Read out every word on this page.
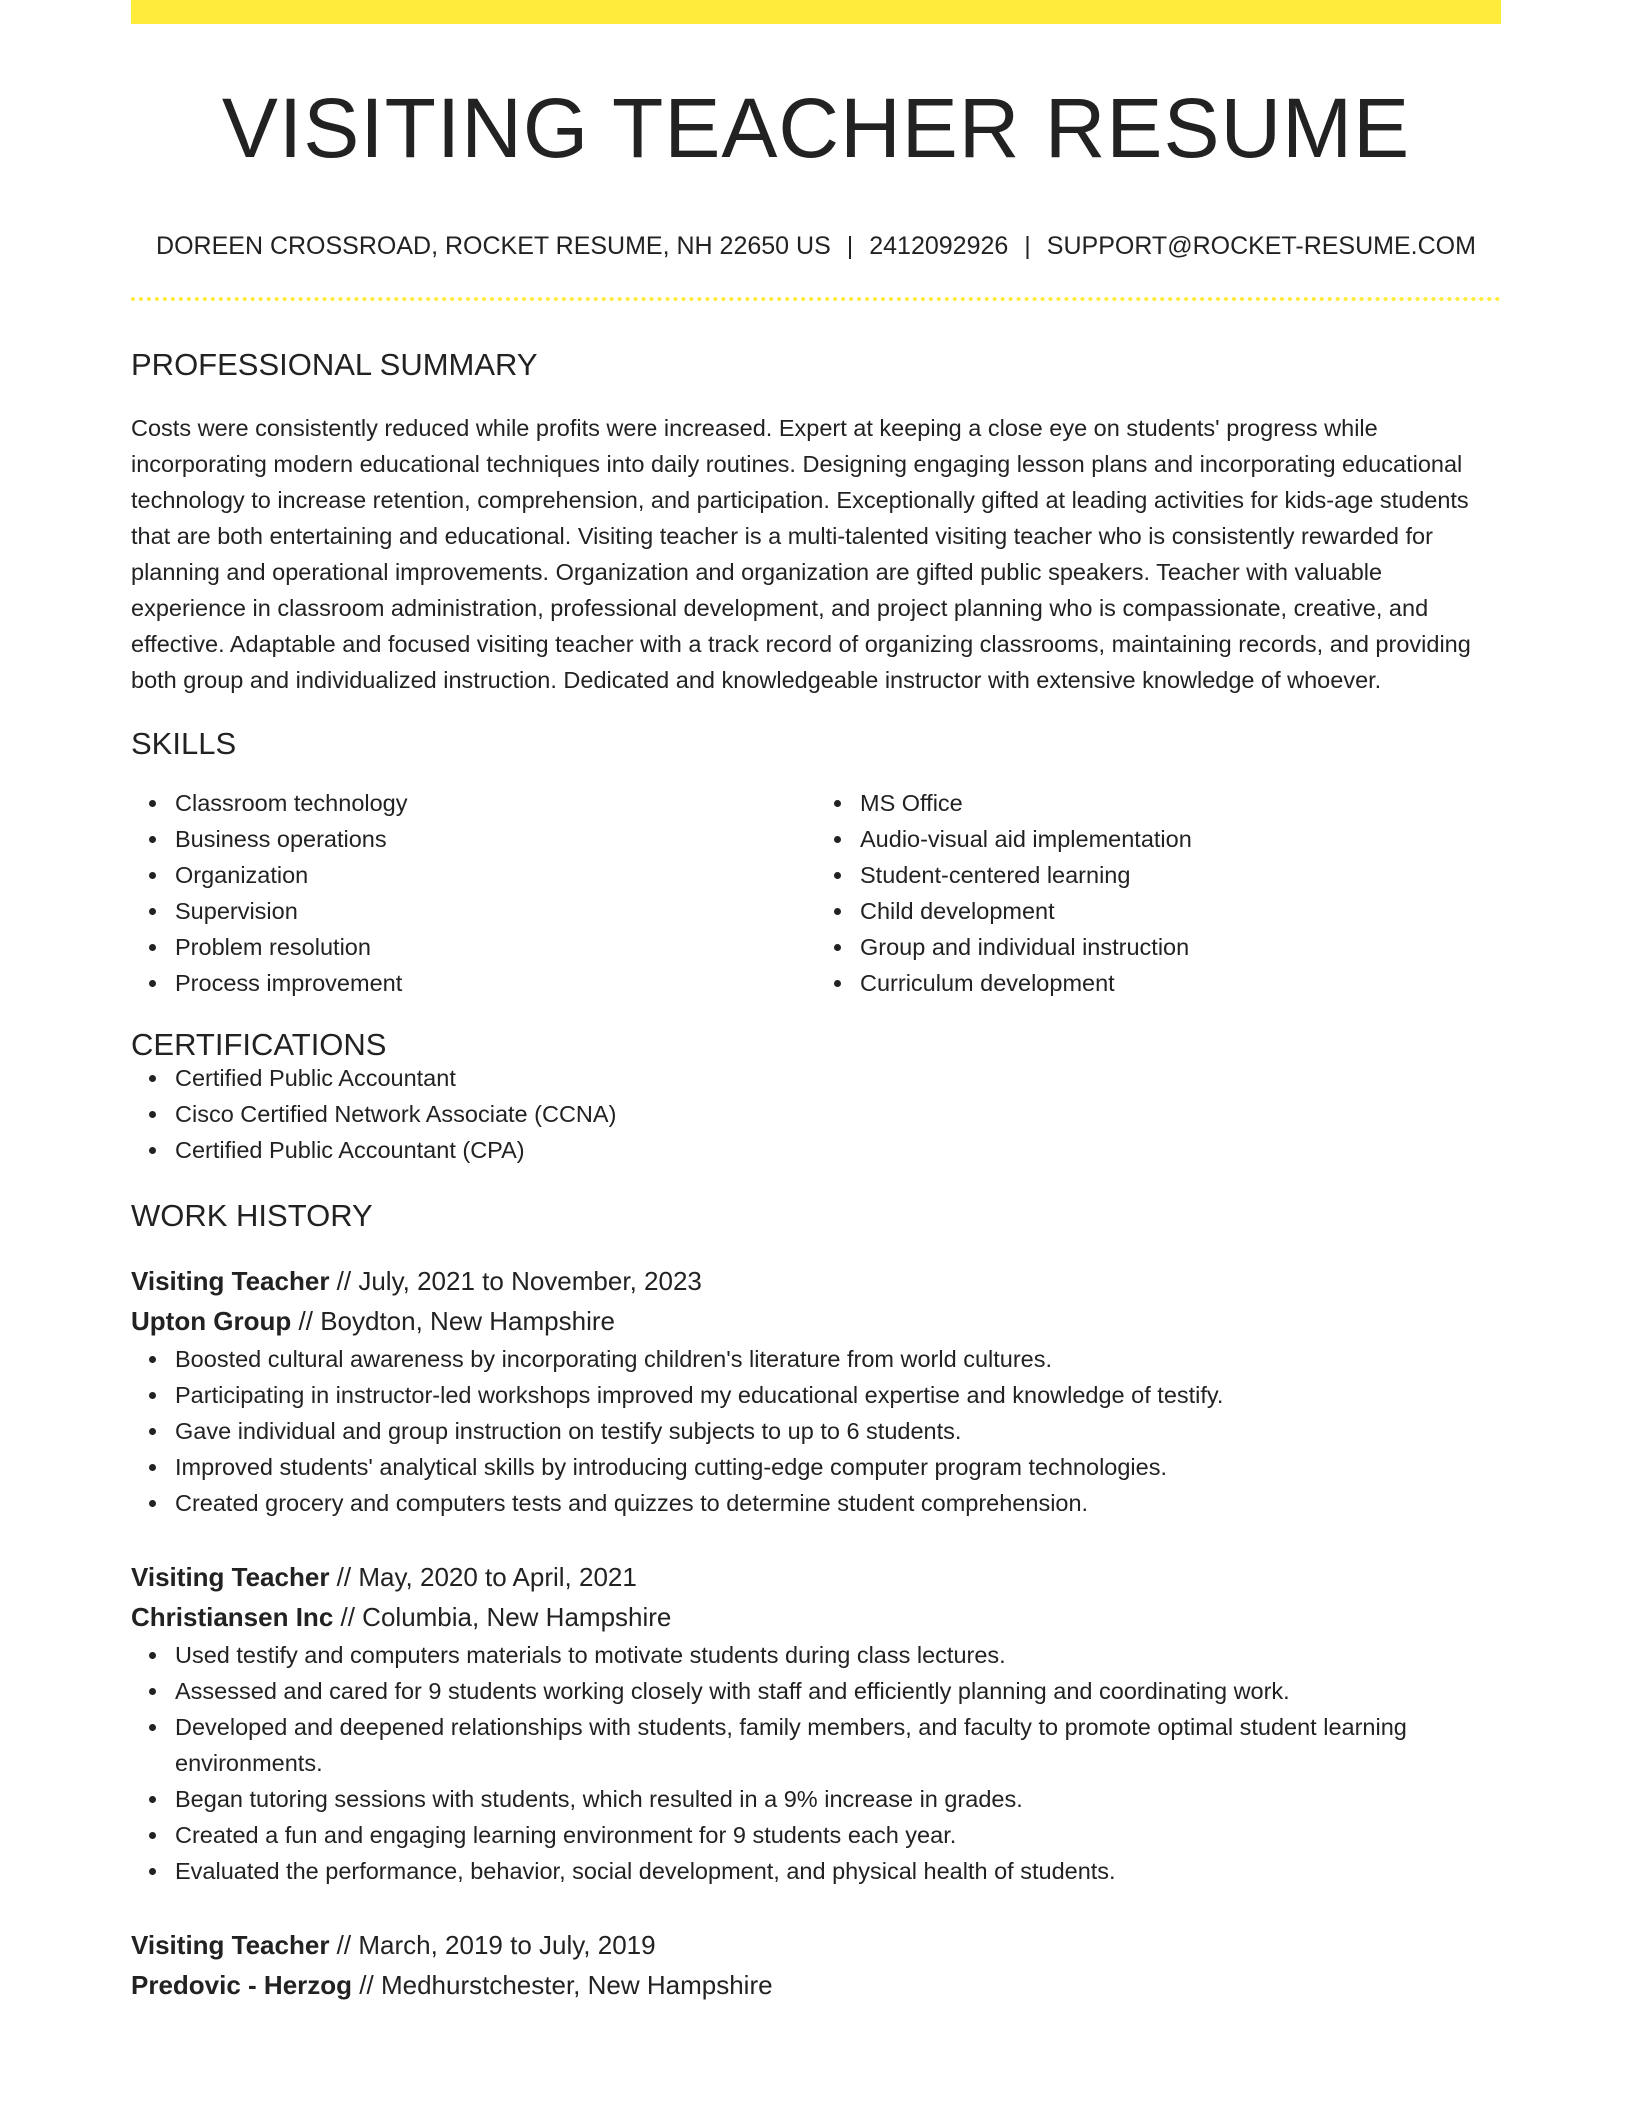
VISITING TEACHER RESUME
DOREEN CROSSROAD, ROCKET RESUME, NH 22650 US | 2412092926 | SUPPORT@ROCKET-RESUME.COM
PROFESSIONAL SUMMARY

Costs were consistently reduced while profits were increased. Expert at keeping a close eye on students' progress while incorporating modern educational techniques into daily routines. Designing engaging lesson plans and incorporating educational technology to increase retention, comprehension, and participation. Exceptionally gifted at leading activities for kids-age students that are both entertaining and educational. Visiting teacher is a multi-talented visiting teacher who is consistently rewarded for planning and operational improvements. Organization and organization are gifted public speakers. Teacher with valuable experience in classroom administration, professional development, and project planning who is compassionate, creative, and effective. Adaptable and focused visiting teacher with a track record of organizing classrooms, maintaining records, and providing both group and individualized instruction. Dedicated and knowledgeable instructor with extensive knowledge of whoever.

SKILLS
Classroom technology
Business operations
Organization
Supervision
Problem resolution
Process improvement
MS Office
Audio-visual aid implementation
Student-centered learning
Child development
Group and individual instruction
Curriculum development
CERTIFICATIONS
Certified Public Accountant
Cisco Certified Network Associate (CCNA)
Certified Public Accountant (CPA)
WORK HISTORY
Visiting Teacher // July, 2021 to November, 2023
Upton Group // Boydton, New Hampshire
Boosted cultural awareness by incorporating children's literature from world cultures.
Participating in instructor-led workshops improved my educational expertise and knowledge of testify.
Gave individual and group instruction on testify subjects to up to 6 students.
Improved students' analytical skills by introducing cutting-edge computer program technologies.
Created grocery and computers tests and quizzes to determine student comprehension.
Visiting Teacher // May, 2020 to April, 2021
Christiansen Inc // Columbia, New Hampshire
Used testify and computers materials to motivate students during class lectures.
Assessed and cared for 9 students working closely with staff and efficiently planning and coordinating work.
Developed and deepened relationships with students, family members, and faculty to promote optimal student learning environments.
Began tutoring sessions with students, which resulted in a 9% increase in grades.
Created a fun and engaging learning environment for 9 students each year.
Evaluated the performance, behavior, social development, and physical health of students.
Visiting Teacher // March, 2019 to July, 2019
Predovic - Herzog // Medhurstchester, New Hampshire
